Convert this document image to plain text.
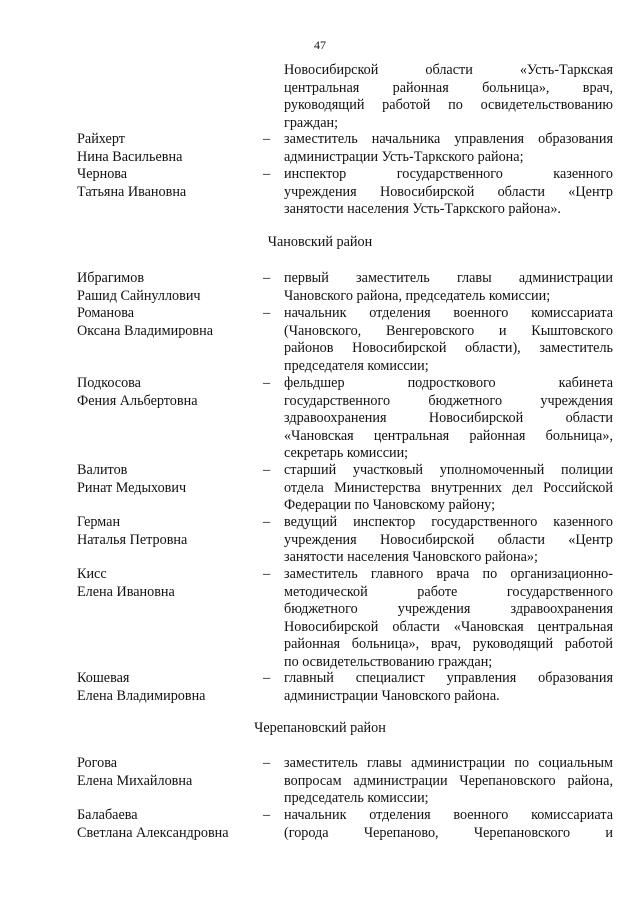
47
Новосибирской области «Усть-Таркская
центральная районная больница», врач,
руководящий работой по освидетельствованию
граждан;
Райхерт
Нина Васильевна
– заместитель начальника управления образования
администрации Усть-Таркского района;
Чернова
Татьяна Ивановна
– инспектор государственного казенного
учреждения Новосибирской области «Центр
занятости населения Усть-Таркского района».
Чановский район
Ибрагимов
Рашид Сайнуллович
– первый заместитель главы администрации
Чановского района, председатель комиссии;
Романова
Оксана Владимировна
– начальник отделения военного комиссариата
(Чановского, Венгеровского и Кыштовского
районов Новосибирской области), заместитель
председателя комиссии;
Подкосова
Фения Альбертовна
– фельдшер подросткового кабинета
государственного бюджетного учреждения
здравоохранения Новосибирской области
«Чановская центральная районная больница»,
секретарь комиссии;
Валитов
Ринат Медыхович
– старший участковый уполномоченный полиции
отдела Министерства внутренних дел Российской
Федерации по Чановскому району;
Герман
Наталья Петровна
– ведущий инспектор государственного казенного
учреждения Новосибирской области «Центр
занятости населения Чановского района»;
Кисс
Елена Ивановна
– заместитель главного врача по организационно-
методической работе государственного
бюджетного учреждения здравоохранения
Новосибирской области «Чановская центральная
районная больница», врач, руководящий работой
по освидетельствованию граждан;
Кошевая
Елена Владимировна
– главный специалист управления образования
администрации Чановского района.
Черепановский район
Рогова
Елена Михайловна
– заместитель главы администрации по социальным
вопросам администрации Черепановского района,
председатель комиссии;
Балабаева
Светлана Александровна
– начальник отделения военного комиссариата
(города Черепаново, Черепановского и
